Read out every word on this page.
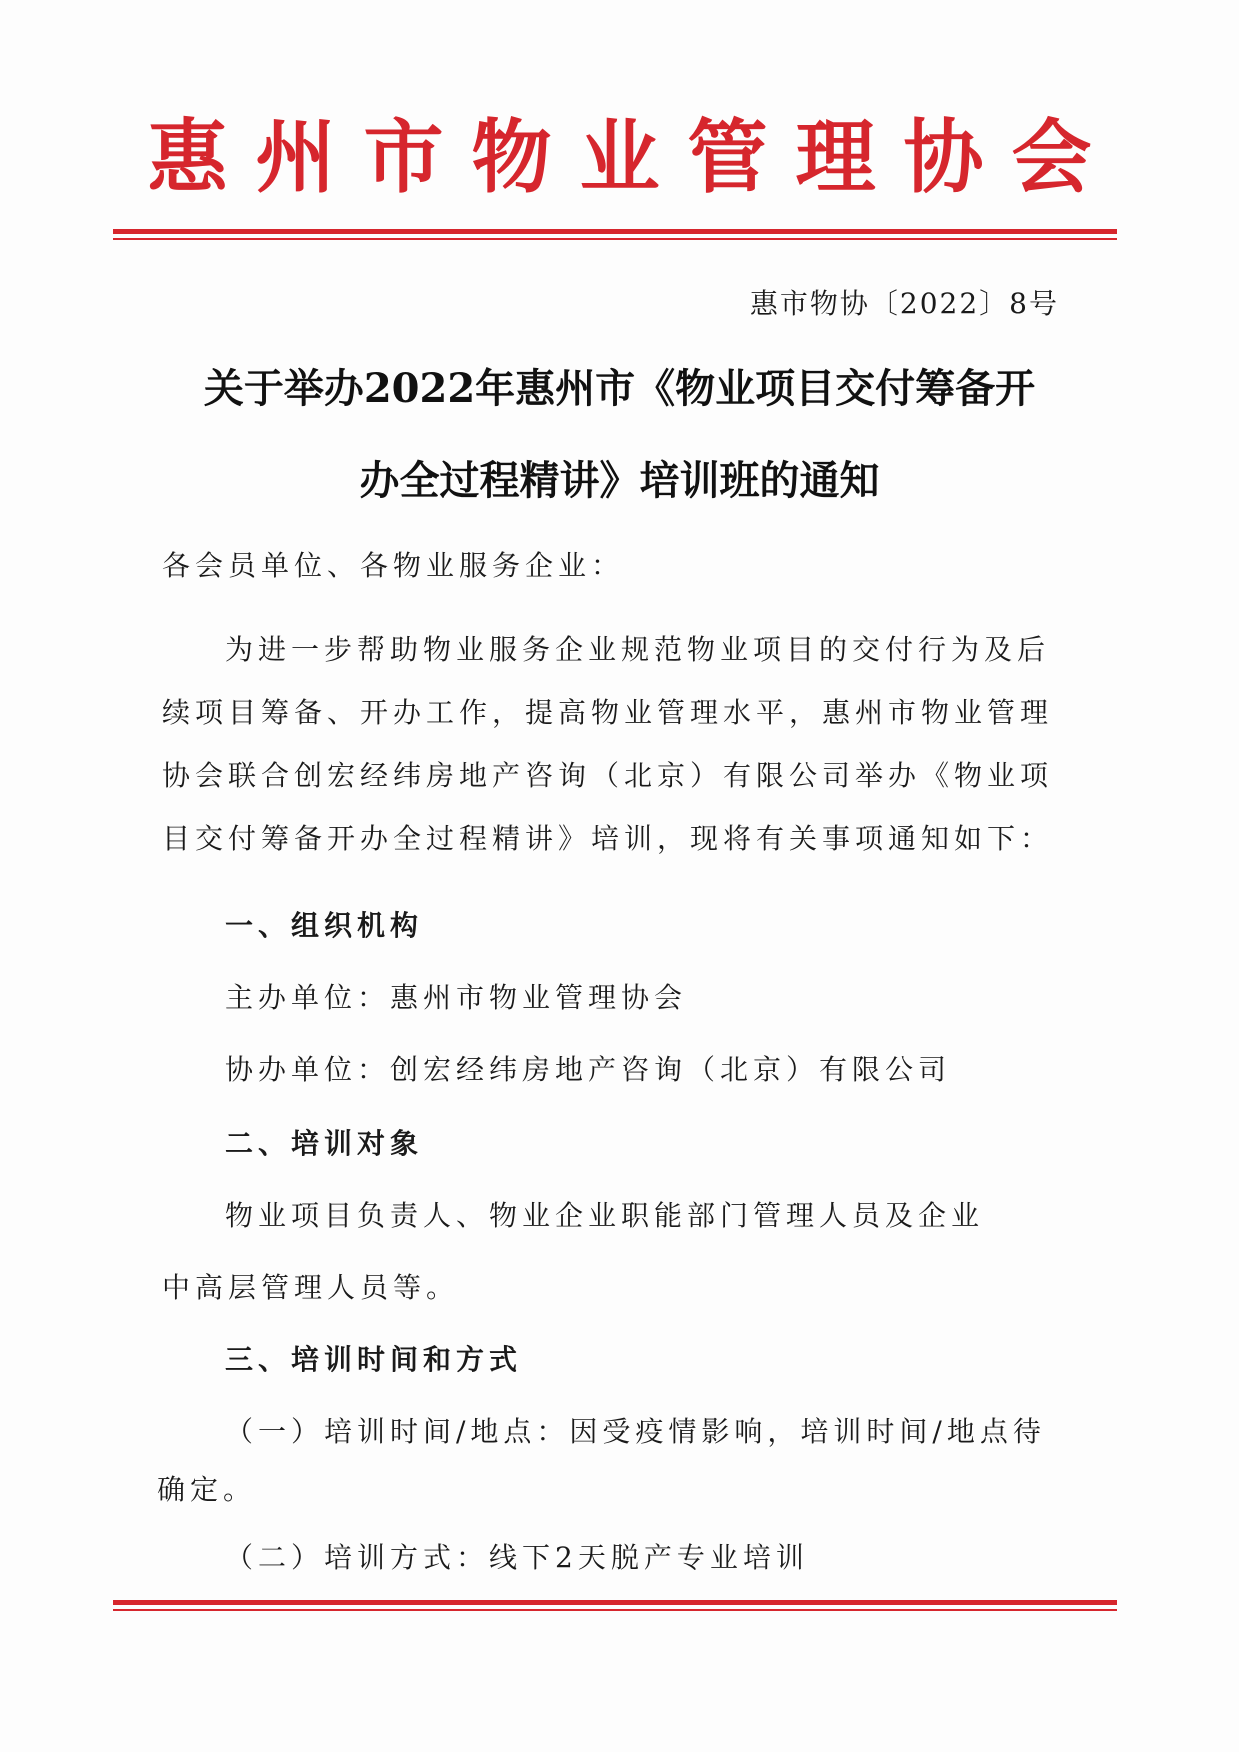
惠州市物业管理协会
惠市物协〔2022〕8号
关于举办2022年惠州市《物业项目交付筹备开
办全过程精讲》培训班的通知
各会员单位、各物业服务企业：
为进一步帮助物业服务企业规范物业项目的交付行为及后
续项目筹备、开办工作，提高物业管理水平，惠州市物业管理
协会联合创宏经纬房地产咨询（北京）有限公司举办《物业项
目交付筹备开办全过程精讲》培训，现将有关事项通知如下：
一、组织机构
主办单位：惠州市物业管理协会
协办单位：创宏经纬房地产咨询（北京）有限公司
二、培训对象
物业项目负责人、物业企业职能部门管理人员及企业
中高层管理人员等。
三、培训时间和方式
（一）培训时间/地点：因受疫情影响，培训时间/地点待
确定。
（二）培训方式：线下2天脱产专业培训
